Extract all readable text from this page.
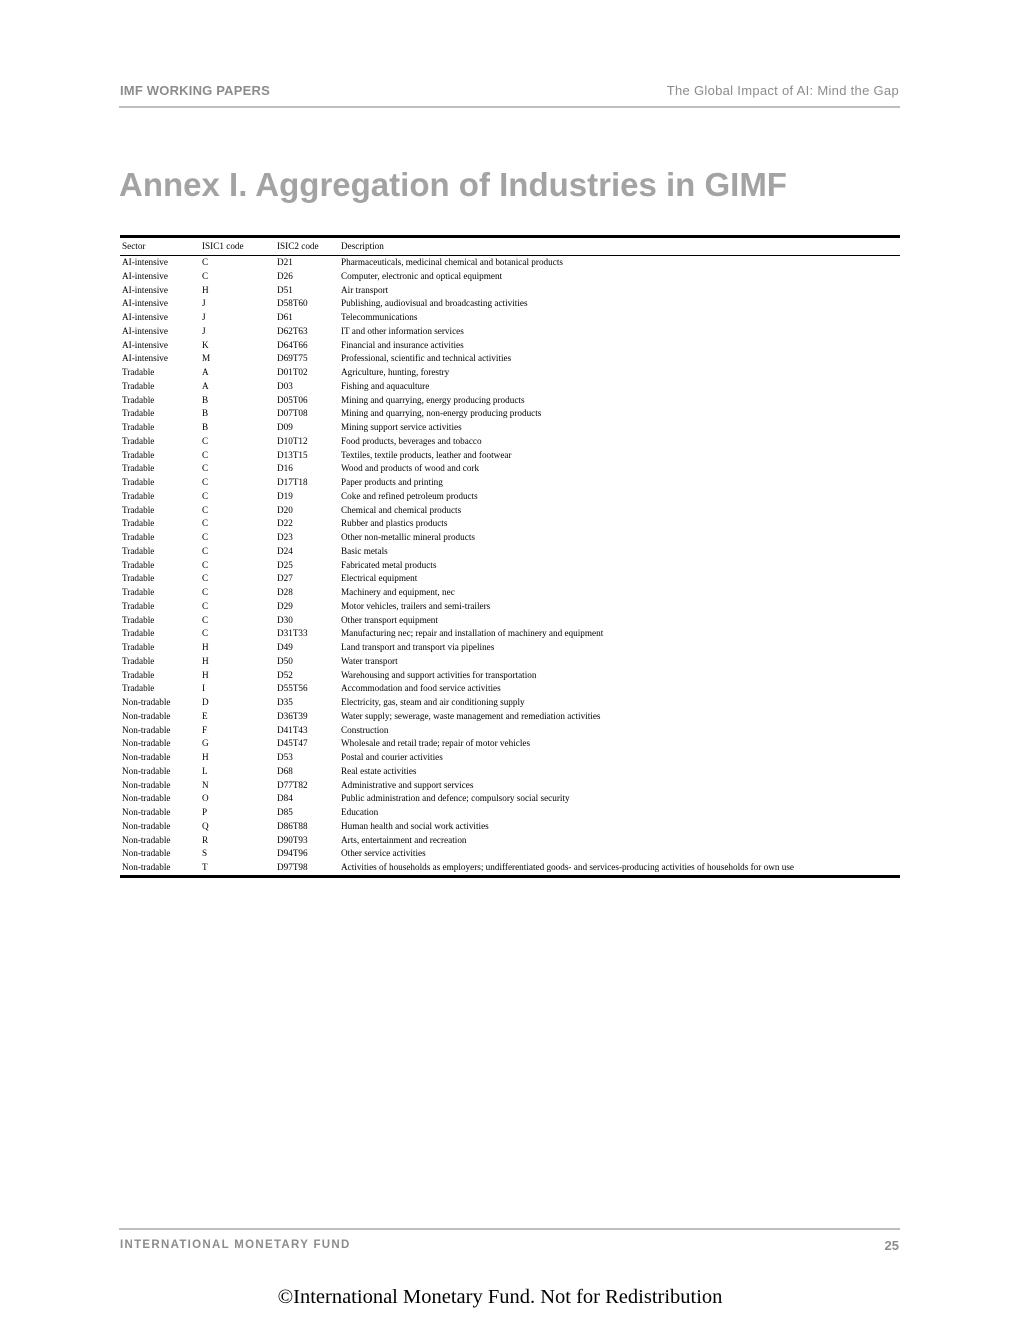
IMF WORKING PAPERS	The Global Impact of AI: Mind the Gap
Annex I. Aggregation of Industries in GIMF
Sector	ISIC1 code	ISIC2 code	Description
AI-intensive	C	D21	Pharmaceuticals, medicinal chemical and botanical products
AI-intensive	C	D26	Computer, electronic and optical equipment
AI-intensive	H	D51	Air transport
AI-intensive	J	D58T60	Publishing, audiovisual and broadcasting activities
AI-intensive	J	D61	Telecommunications
AI-intensive	J	D62T63	IT and other information services
AI-intensive	K	D64T66	Financial and insurance activities
AI-intensive	M	D69T75	Professional, scientific and technical activities
Tradable	A	D01T02	Agriculture, hunting, forestry
Tradable	A	D03	Fishing and aquaculture
Tradable	B	D05T06	Mining and quarrying, energy producing products
Tradable	B	D07T08	Mining and quarrying, non-energy producing products
Tradable	B	D09	Mining support service activities
Tradable	C	D10T12	Food products, beverages and tobacco
Tradable	C	D13T15	Textiles, textile products, leather and footwear
Tradable	C	D16	Wood and products of wood and cork
Tradable	C	D17T18	Paper products and printing
Tradable	C	D19	Coke and refined petroleum products
Tradable	C	D20	Chemical and chemical products
Tradable	C	D22	Rubber and plastics products
Tradable	C	D23	Other non-metallic mineral products
Tradable	C	D24	Basic metals
Tradable	C	D25	Fabricated metal products
Tradable	C	D27	Electrical equipment
Tradable	C	D28	Machinery and equipment, nec
Tradable	C	D29	Motor vehicles, trailers and semi-trailers
Tradable	C	D30	Other transport equipment
Tradable	C	D31T33	Manufacturing nec; repair and installation of machinery and equipment
Tradable	H	D49	Land transport and transport via pipelines
Tradable	H	D50	Water transport
Tradable	H	D52	Warehousing and support activities for transportation
Tradable	I	D55T56	Accommodation and food service activities
Non-tradable	D	D35	Electricity, gas, steam and air conditioning supply
Non-tradable	E	D36T39	Water supply; sewerage, waste management and remediation activities
Non-tradable	F	D41T43	Construction
Non-tradable	G	D45T47	Wholesale and retail trade; repair of motor vehicles
Non-tradable	H	D53	Postal and courier activities
Non-tradable	L	D68	Real estate activities
Non-tradable	N	D77T82	Administrative and support services
Non-tradable	O	D84	Public administration and defence; compulsory social security
Non-tradable	P	D85	Education
Non-tradable	Q	D86T88	Human health and social work activities
Non-tradable	R	D90T93	Arts, entertainment and recreation
Non-tradable	S	D94T96	Other service activities
Non-tradable	T	D97T98	Activities of households as employers; undifferentiated goods- and services-producing activities of households for own use
INTERNATIONAL MONETARY FUND	25
©International Monetary Fund. Not for Redistribution
